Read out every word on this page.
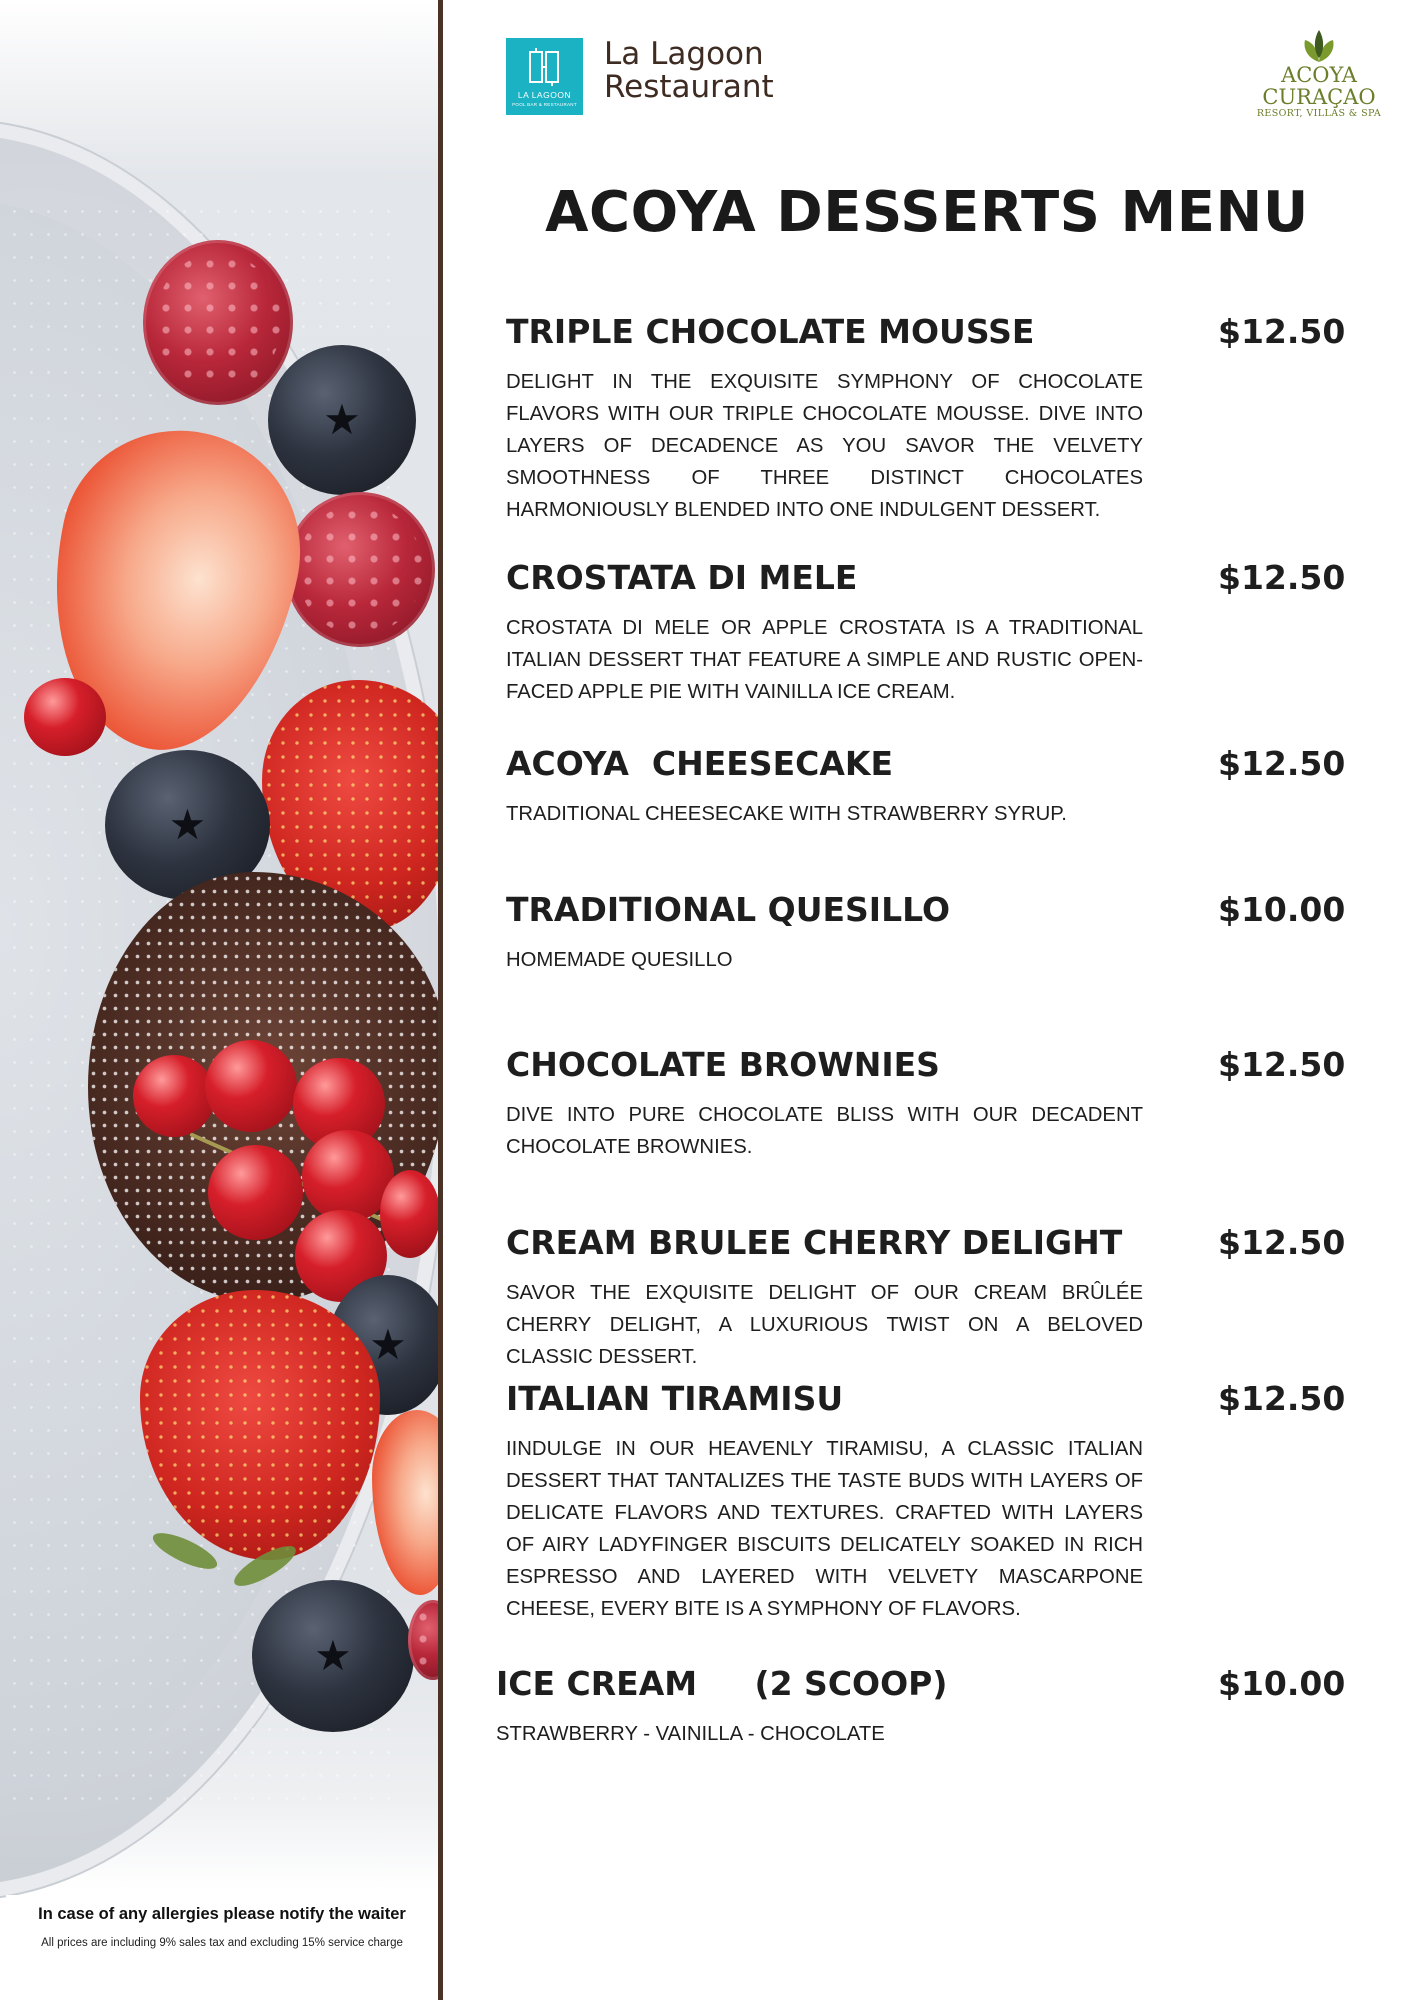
★
★
★
★
In case of any allergies please notify the waiter
All prices are including 9% sales tax and excluding 15% service charge
LA LAGOON
POOL BAR & RESTAURANT
La Lagoon
Restaurant	ACOYA
CURAÇAO
RESORT, VILLAS & SPA
ACOYA DESSERTS MENU
TRIPLE CHOCOLATE MOUSSE	$12.50
DELIGHT IN THE EXQUISITE SYMPHONY OF CHOCOLATE FLAVORS WITH OUR TRIPLE CHOCOLATE MOUSSE. DIVE INTO LAYERS OF DECADENCE AS YOU SAVOR THE VELVETY SMOOTHNESS OF THREE DISTINCT CHOCOLATES HARMONIOUSLY BLENDED INTO ONE INDULGENT DESSERT.
CROSTATA DI MELE	$12.50
CROSTATA DI MELE OR APPLE CROSTATA IS A TRADITIONAL ITALIAN DESSERT THAT FEATURE A SIMPLE AND RUSTIC OPEN-FACED APPLE PIE WITH VAINILLA ICE CREAM.
ACOYA  CHEESECAKE	$12.50
TRADITIONAL CHEESECAKE WITH STRAWBERRY SYRUP.
TRADITIONAL QUESILLO	$10.00
HOMEMADE QUESILLO
CHOCOLATE BROWNIES	$12.50
DIVE INTO PURE CHOCOLATE BLISS WITH OUR DECADENT CHOCOLATE BROWNIES.
CREAM BRULEE CHERRY DELIGHT	$12.50
SAVOR THE EXQUISITE DELIGHT OF OUR CREAM BRÛLÉE CHERRY DELIGHT, A LUXURIOUS TWIST ON A BELOVED CLASSIC DESSERT.
ITALIAN TIRAMISU	$12.50
IINDULGE IN OUR HEAVENLY TIRAMISU, A CLASSIC ITALIAN DESSERT THAT TANTALIZES THE TASTE BUDS WITH LAYERS OF DELICATE FLAVORS AND TEXTURES. CRAFTED WITH LAYERS OF AIRY LADYFINGER BISCUITS DELICATELY SOAKED IN RICH ESPRESSO AND LAYERED WITH VELVETY MASCARPONE CHEESE, EVERY BITE IS A SYMPHONY OF FLAVORS.
ICE CREAM     (2 SCOOP)	$10.00
STRAWBERRY - VAINILLA - CHOCOLATE
